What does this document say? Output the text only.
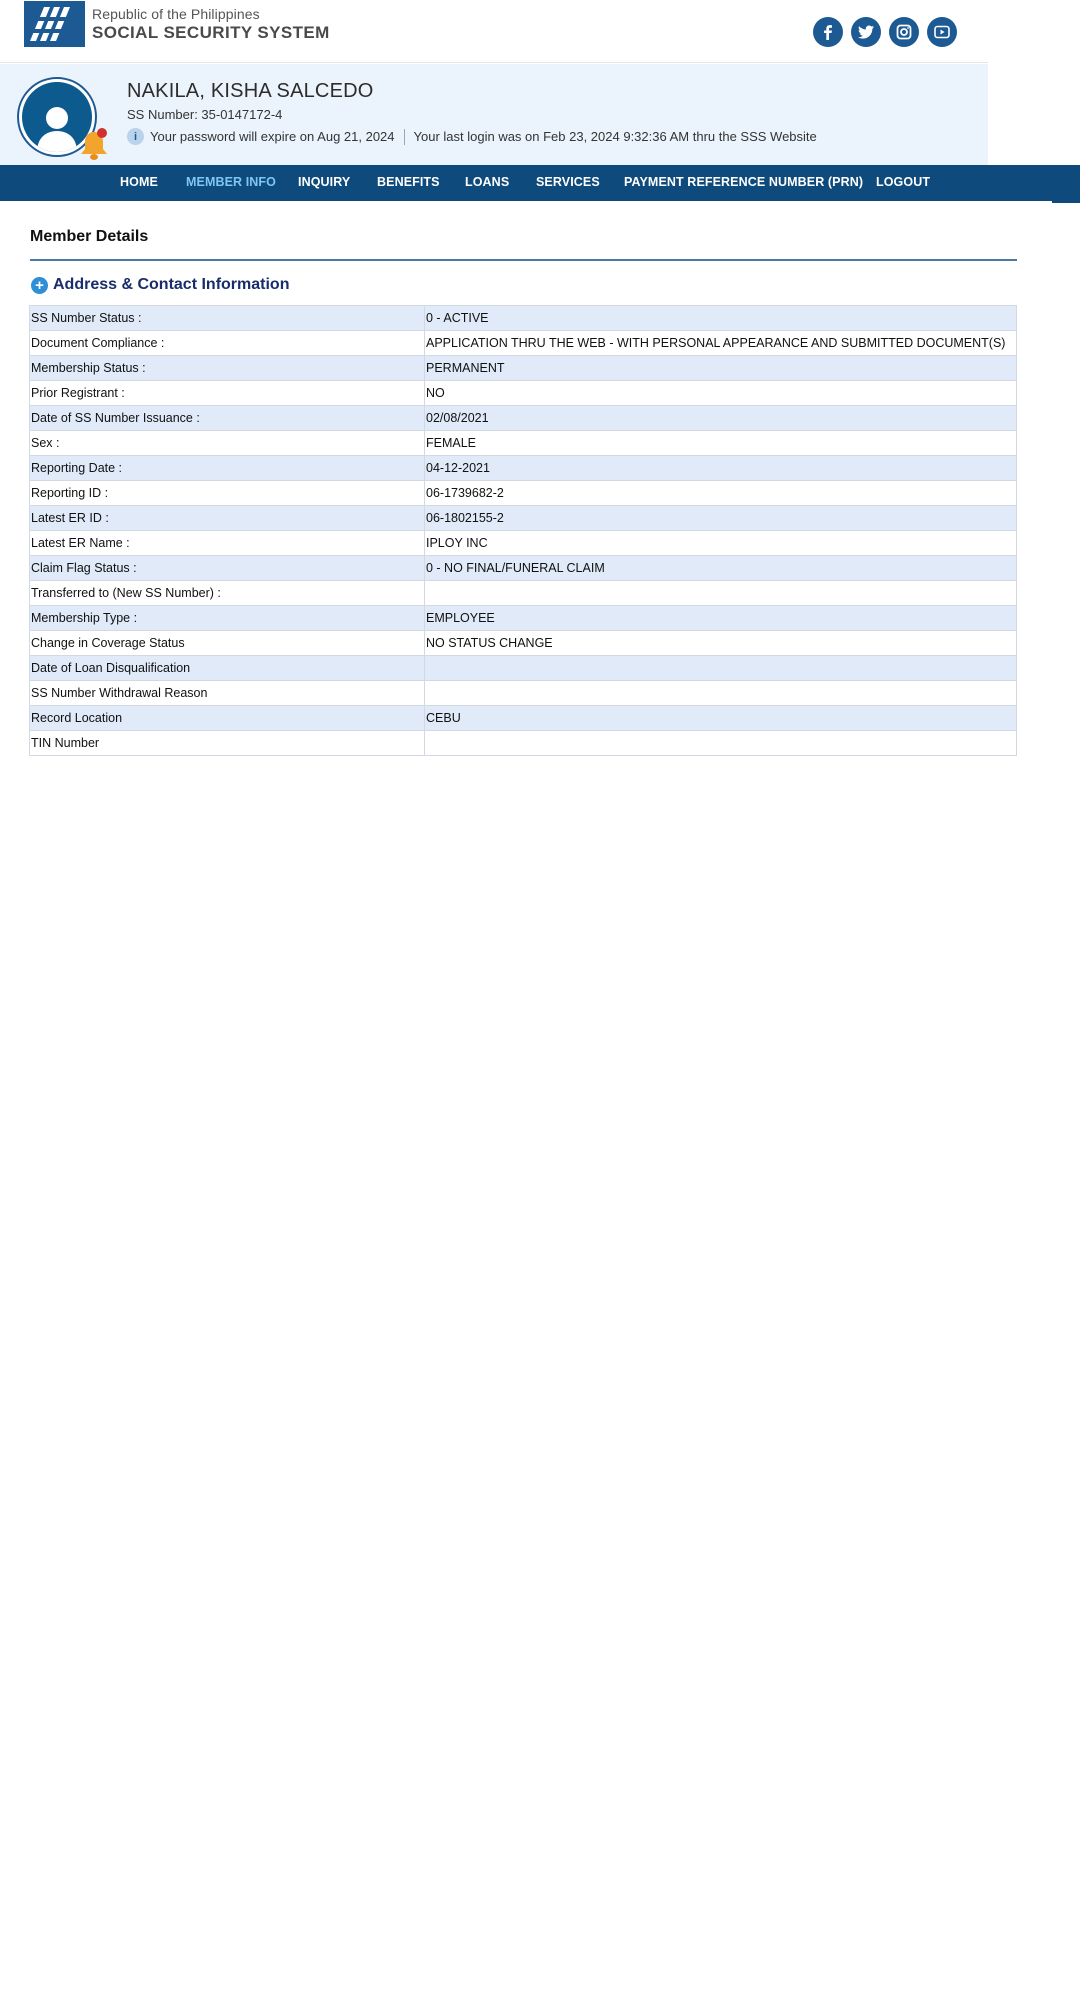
Republic of the Philippines
SOCIAL SECURITY SYSTEM
NAKILA, KISHA SALCEDO
SS Number: 35-0147172-4
i Your password will expire on Aug 21, 2024 Your last login was on Feb 23, 2024 9:32:36 AM thru the SSS Website
HOME MEMBER INFO INQUIRY BENEFITS LOANS SERVICES PAYMENT REFERENCE NUMBER (PRN) LOGOUT
Member Details
+ Address & Contact Information
SS Number Status :	0 - ACTIVE
Document Compliance :	APPLICATION THRU THE WEB - WITH PERSONAL APPEARANCE AND SUBMITTED DOCUMENT(S)
Membership Status :	PERMANENT
Prior Registrant :	NO
Date of SS Number Issuance :	02/08/2021
Sex :	FEMALE
Reporting Date :	04-12-2021
Reporting ID :	06-1739682-2
Latest ER ID :	06-1802155-2
Latest ER Name :	IPLOY INC
Claim Flag Status :	0 - NO FINAL/FUNERAL CLAIM
Transferred to (New SS Number) :	
Membership Type :	EMPLOYEE
Change in Coverage Status	NO STATUS CHANGE
Date of Loan Disqualification	
SS Number Withdrawal Reason	
Record Location	CEBU
TIN Number	
